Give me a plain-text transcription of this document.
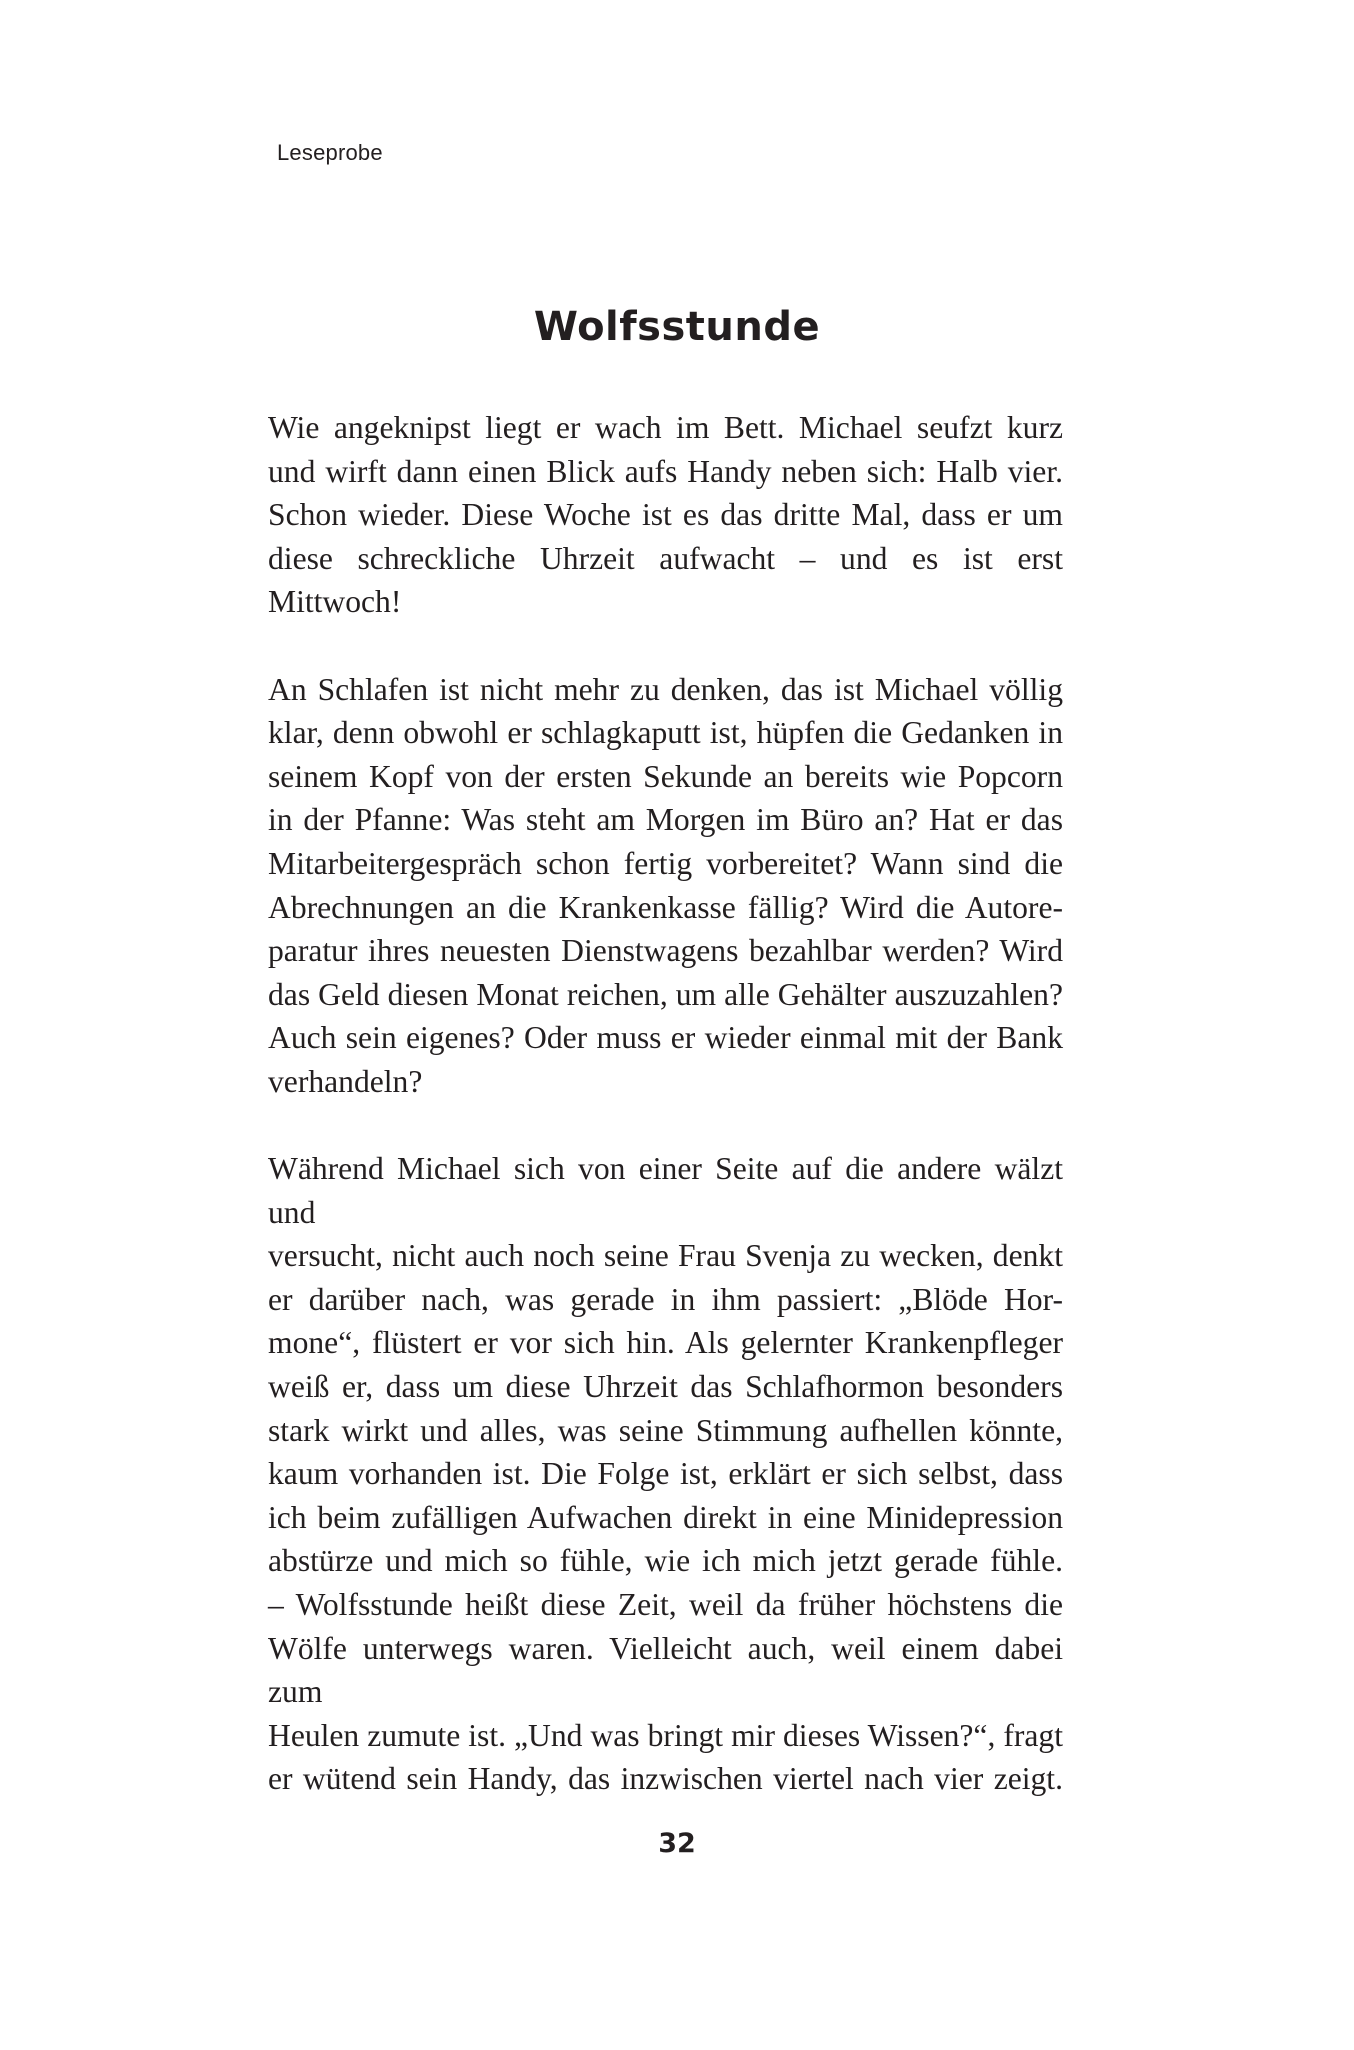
Leseprobe
Wolfsstunde

Wie angeknipst liegt er wach im Bett. Michael seufzt kurz
und wirft dann einen Blick aufs Handy neben sich: Halb vier.
Schon wieder. Diese Woche ist es das dritte Mal, dass er um
diese schreckliche Uhrzeit aufwacht – und es ist erst Mittwoch!

An Schlafen ist nicht mehr zu denken, das ist Michael völlig
klar, denn obwohl er schlagkaputt ist, hüpfen die Gedanken in
seinem Kopf von der ersten Sekunde an bereits wie Popcorn
in der Pfanne: Was steht am Morgen im Büro an? Hat er das
Mitarbeitergespräch schon fertig vorbereitet? Wann sind die
Abrechnungen an die Krankenkasse fällig? Wird die Autore-
paratur ihres neuesten Dienstwagens bezahlbar werden? Wird
das Geld diesen Monat reichen, um alle Gehälter auszuzahlen?
Auch sein eigenes? Oder muss er wieder einmal mit der Bank
verhandeln?

Während Michael sich von einer Seite auf die andere wälzt und
versucht, nicht auch noch seine Frau Svenja zu wecken, denkt
er darüber nach, was gerade in ihm passiert: „Blöde Hor-
mone“, flüstert er vor sich hin. Als gelernter Krankenpfleger
weiß er, dass um diese Uhrzeit das Schlafhormon besonders
stark wirkt und alles, was seine Stimmung aufhellen könnte,
kaum vorhanden ist. Die Folge ist, erklärt er sich selbst, dass
ich beim zufälligen Aufwachen direkt in eine Minidepression
abstürze und mich so fühle, wie ich mich jetzt gerade fühle.
– Wolfsstunde heißt diese Zeit, weil da früher höchstens die
Wölfe unterwegs waren. Vielleicht auch, weil einem dabei zum
Heulen zumute ist. „Und was bringt mir dieses Wissen?“, fragt
er wütend sein Handy, das inzwischen viertel nach vier zeigt.

32
